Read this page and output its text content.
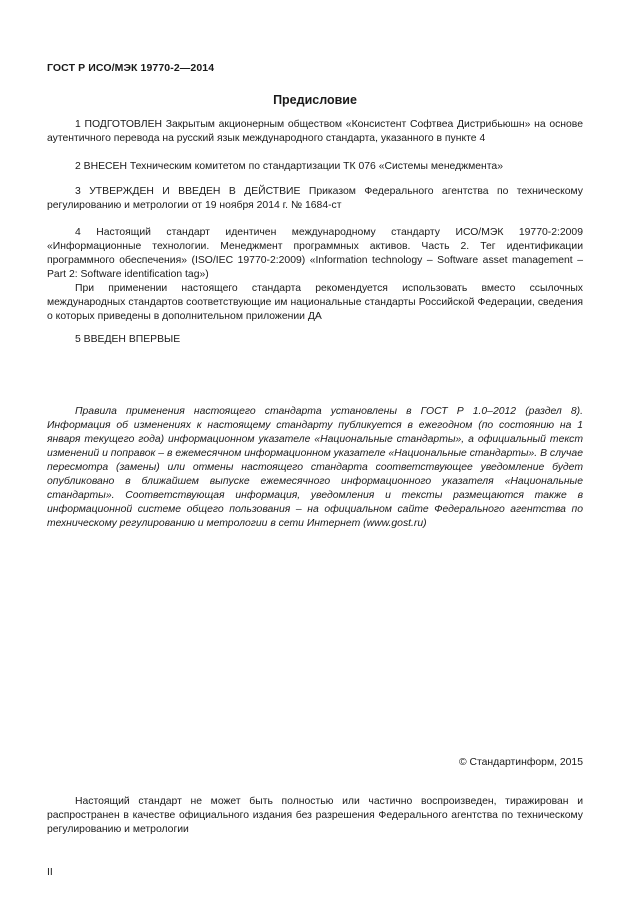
ГОСТ Р ИСО/МЭК 19770-2—2014
Предисловие

1 ПОДГОТОВЛЕН Закрытым акционерным обществом «Консистент Софтвеа Дистрибьюшн» на основе аутентичного перевода на русский язык международного стандарта, указанного в пункте 4

2 ВНЕСЕН Техническим комитетом по стандартизации ТК 076 «Системы менеджмента»

3 УТВЕРЖДЕН И ВВЕДЕН В ДЕЙСТВИЕ Приказом Федерального агентства по техническому регулированию и метрологии от 19 ноября 2014 г. № 1684-ст

4 Настоящий стандарт идентичен международному стандарту ИСО/МЭК 19770-2:2009 «Информационные технологии. Менеджмент программных активов. Часть 2. Тег идентификации программного обеспечения» (ISO/IEC 19770-2:2009) «Information technology – Software asset management – Part 2: Software identification tag»)

При применении настоящего стандарта рекомендуется использовать вместо ссылочных международных стандартов соответствующие им национальные стандарты Российской Федерации, сведения о которых приведены в дополнительном приложении ДА

5 ВВЕДЕН ВПЕРВЫЕ

Правила применения настоящего стандарта установлены в ГОСТ Р 1.0–2012 (раздел 8). Информация об изменениях к настоящему стандарту публикуется в ежегодном (по состоянию на 1 января текущего года) информационном указателе «Национальные стандарты», а официальный текст изменений и поправок – в ежемесячном информационном указателе «Национальные стандарты». В случае пересмотра (замены) или отмены настоящего стандарта соответствующее уведомление будет опубликовано в ближайшем выпуске ежемесячного информационного указателя «Национальные стандарты». Соответствующая информация, уведомления и тексты размещаются также в информационной системе общего пользования – на официальном сайте Федерального агентства по техническому регулированию и метрологии в сети Интернет (www.gost.ru)

© Стандартинформ, 2015

Настоящий стандарт не может быть полностью или частично воспроизведен, тиражирован и распространен в качестве официального издания без разрешения Федерального агентства по техническому регулированию и метрологии

II
